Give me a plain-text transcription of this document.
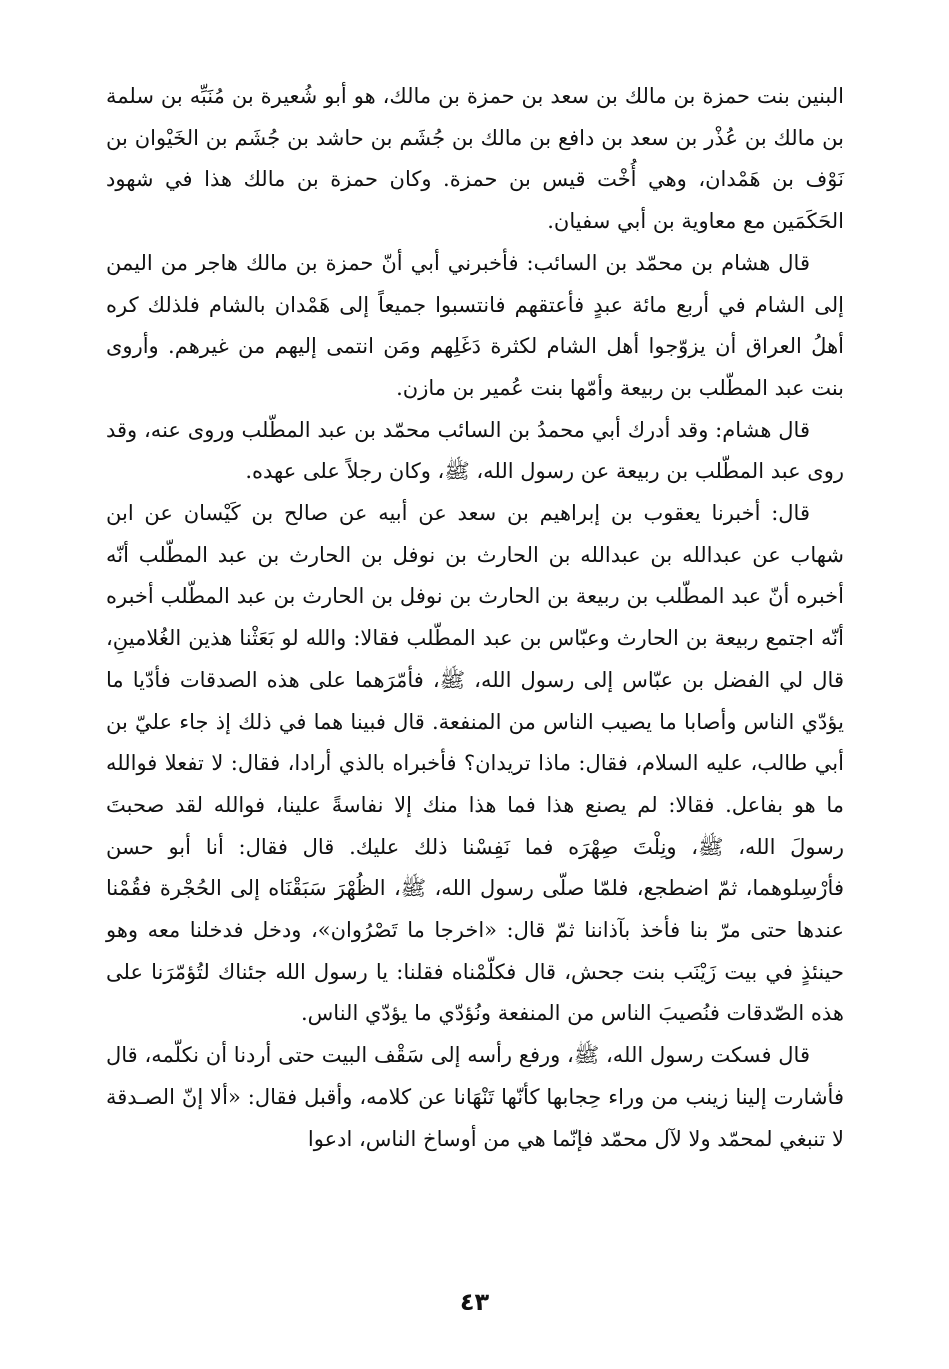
البنين بنت حمزة بن مالك بن سعد بن حمزة بن مالك، هو أبو شُعيرة بن مُنَبِّه بن سلمة بن مالك بن عُذْر بن سعد بن دافع بن مالك بن جُشَم بن حاشد بن جُشَم بن الخَيْوان بن نَوْف بن هَمْدان، وهي أُخْت قيس بن حمزة. وكان حمزة بن مالك هذا في شهود الحَكَمَين مع معاوية بن أبي سفيان.

قال هشام بن محمّد بن السائب: فأخبرني أبي أنّ حمزة بن مالك هاجر من اليمن إلى الشام في أربع مائة عبدٍ فأعتقهم فانتسبوا جميعاً إلى هَمْدان بالشام فلذلك كره أهلُ العراق أن يزوّجوا أهل الشام لكثرة دَغَلِهم ومَن انتمى إليهم من غيرهم. وأروى بنت عبد المطّلب بن ربيعة وأمّها بنت عُمير بن مازن.

قال هشام: وقد أدرك أبي محمدُ بن السائب محمّد بن عبد المطّلب وروى عنه، وقد روى عبد المطّلب بن ربيعة عن رسول الله، ﷺ، وكان رجلاً على عهده.

قال: أخبرنا يعقوب بن إبراهيم بن سعد عن أبيه عن صالح بن كَيْسان عن ابن شهاب عن عبدالله بن عبدالله بن الحارث بن نوفل بن الحارث بن عبد المطّلب أنّه أخبره أنّ عبد المطّلب بن ربيعة بن الحارث بن نوفل بن الحارث بن عبد المطّلب أخبره أنّه اجتمع ربيعة بن الحارث وعبّاس بن عبد المطّلب فقالا: والله لو بَعَثْنا هذين الغُلامينِ، قال لي الفضل بن عبّاس إلى رسول الله، ﷺ، فأمّرَهما على هذه الصدقات فأدّيا ما يؤدّي الناس وأصابا ما يصيب الناس من المنفعة. قال فبينا هما في ذلك إذ جاء عليّ بن أبي طالب، عليه السلام، فقال: ماذا تريدان؟ فأخبراه بالذي أرادا، فقال: لا تفعلا فوالله ما هو بفاعل. فقالا: لم يصنع هذا فما هذا منك إلا نفاسةً علينا، فوالله لقد صحبتَ رسولَ الله، ﷺ، ونِلْتَ صِهْرَه فما نَفِسْنا ذلك عليك. قال فقال: أنا أبو حسن فأرْسِلوهما، ثمّ اضطجع، فلمّا صلّى رسول الله، ﷺ، الظُهْرَ سَبَقْنَاه إلى الحُجْرة فقُمْنا عندها حتى مرّ بنا فأخذ بآذاننا ثمّ قال: «اخرجا ما تَصْرُوان»، ودخل فدخلنا معه وهو حينئذٍ في بيت زَيْنَب بنت جحش، قال فكلّمْناه فقلنا: يا رسول الله جئناك لتُؤمّرَنا على هذه الصّدقات فنُصيبَ الناس من المنفعة ونُؤدّي ما يؤدّي الناس.

قال فسكت رسول الله، ﷺ، ورفع رأسه إلى سَقْف البيت حتى أردنا أن نكلّمه، قال فأشارت إلينا زينب من وراء حِجابها كأنّها تَنْهَانا عن كلامه، وأقبل فقال: «ألا إنّ الصـدقة لا تنبغي لمحمّد ولا لآل محمّد فإنّما هي من أوساخ الناس، ادعوا

٤٣
